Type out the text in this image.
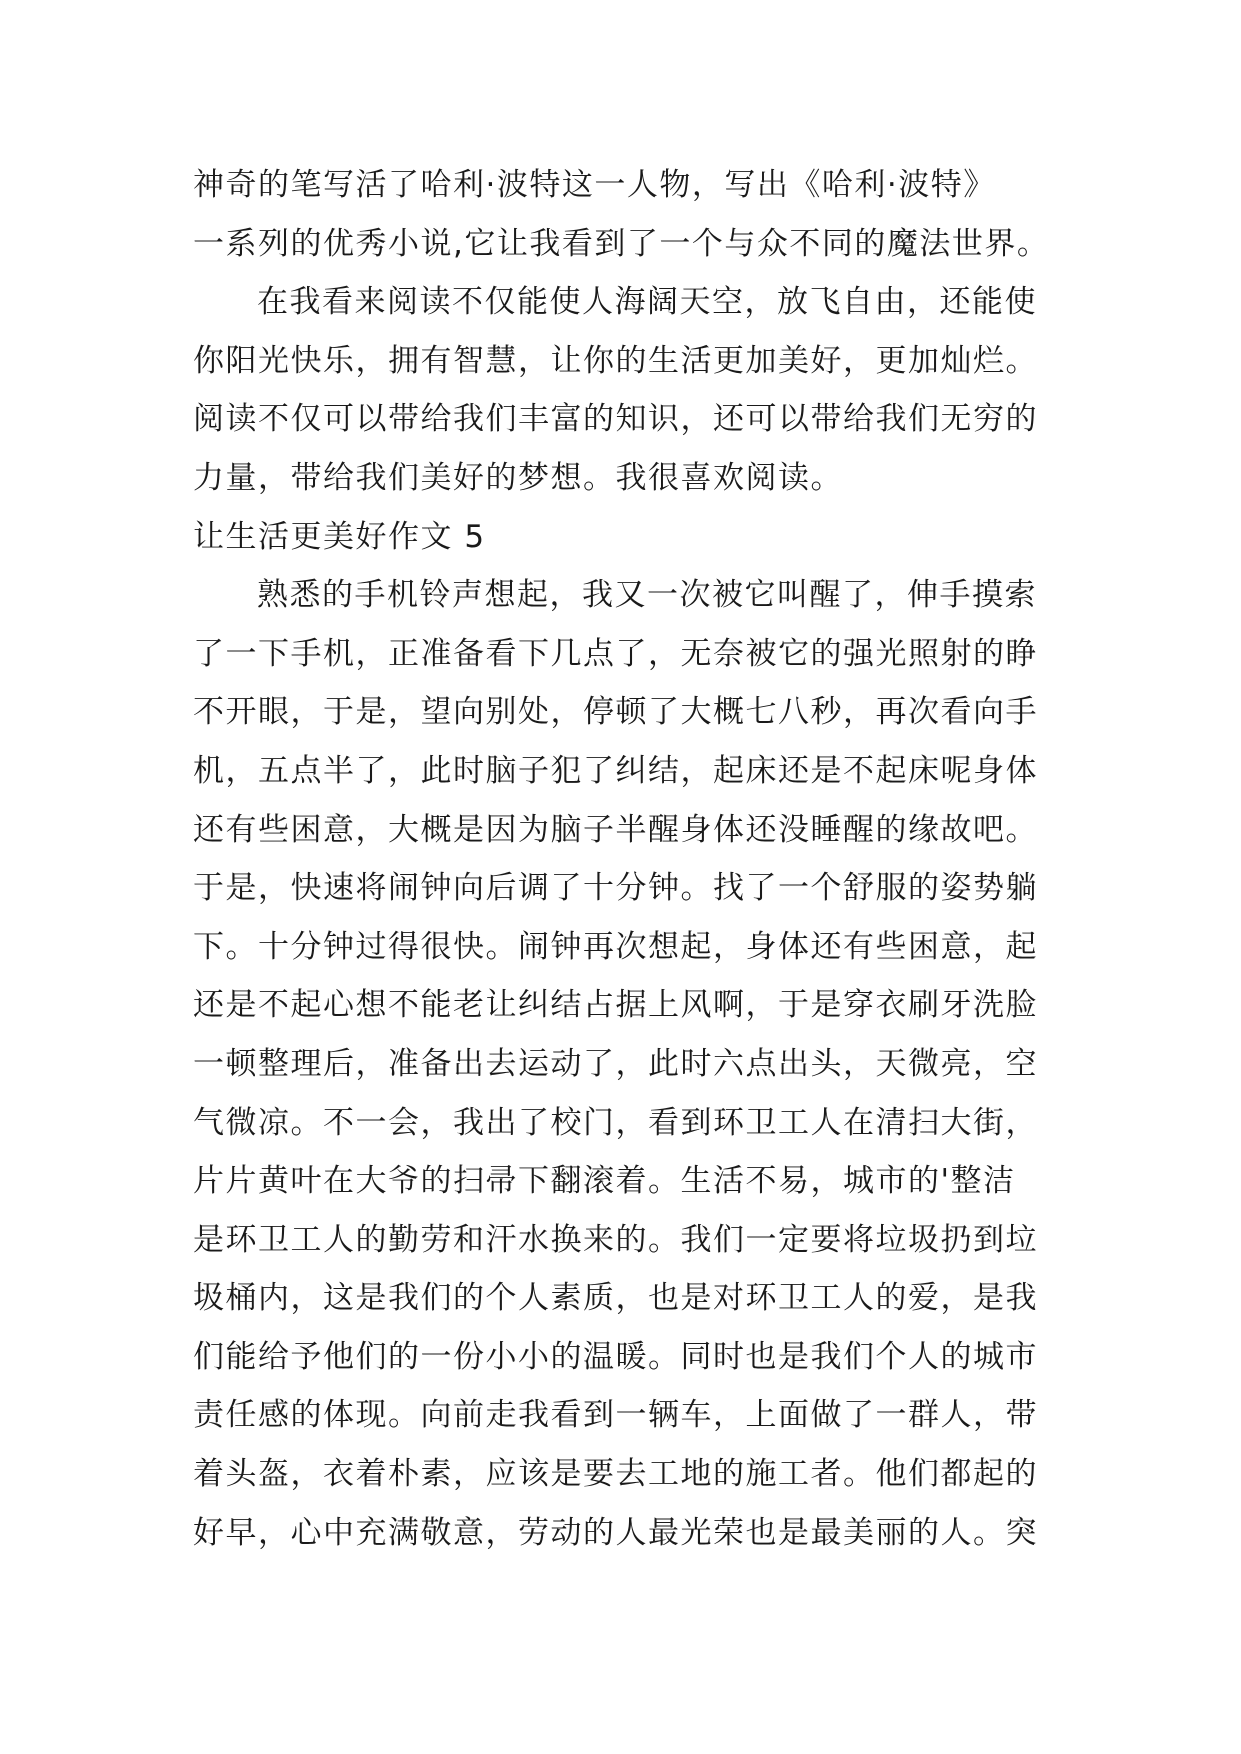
神奇的笔写活了哈利·波特这一人物，写出《哈利·波特》
一系列的优秀小说,它让我看到了一个与众不同的魔法世界。
在我看来阅读不仅能使人海阔天空，放飞自由，还能使
你阳光快乐，拥有智慧，让你的生活更加美好，更加灿烂。
阅读不仅可以带给我们丰富的知识，还可以带给我们无穷的
力量，带给我们美好的梦想。我很喜欢阅读。
让生活更美好作文 5
熟悉的手机铃声想起，我又一次被它叫醒了，伸手摸索
了一下手机，正准备看下几点了，无奈被它的强光照射的睁
不开眼，于是，望向别处，停顿了大概七八秒，再次看向手
机，五点半了，此时脑子犯了纠结，起床还是不起床呢身体
还有些困意，大概是因为脑子半醒身体还没睡醒的缘故吧。
于是，快速将闹钟向后调了十分钟。找了一个舒服的姿势躺
下。十分钟过得很快。闹钟再次想起，身体还有些困意，起
还是不起心想不能老让纠结占据上风啊，于是穿衣刷牙洗脸
一顿整理后，准备出去运动了，此时六点出头，天微亮，空
气微凉。不一会，我出了校门，看到环卫工人在清扫大街，
片片黄叶在大爷的扫帚下翻滚着。生活不易，城市的'整洁
是环卫工人的勤劳和汗水换来的。我们一定要将垃圾扔到垃
圾桶内，这是我们的个人素质，也是对环卫工人的爱，是我
们能给予他们的一份小小的温暖。同时也是我们个人的城市
责任感的体现。向前走我看到一辆车，上面做了一群人，带
着头盔，衣着朴素，应该是要去工地的施工者。他们都起的
好早，心中充满敬意，劳动的人最光荣也是最美丽的人。突
